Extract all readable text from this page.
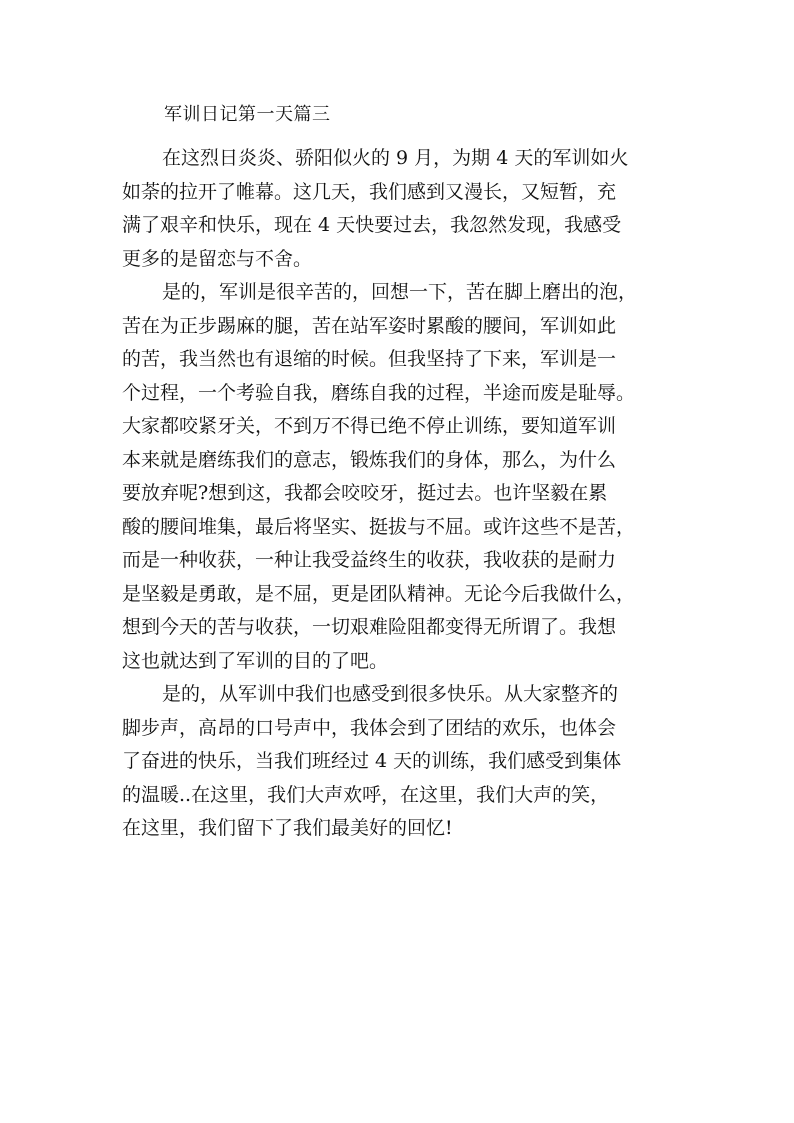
军训日记第一天篇三
在这烈日炎炎、骄阳似火的 9 月，为期 4 天的军训如火
如荼的拉开了帷幕。这几天，我们感到又漫长，又短暂，充
满了艰辛和快乐，现在 4 天快要过去，我忽然发现，我感受
更多的是留恋与不舍。
是的，军训是很辛苦的，回想一下，苦在脚上磨出的泡，
苦在为正步踢麻的腿，苦在站军姿时累酸的腰间，军训如此
的苦，我当然也有退缩的时候。但我坚持了下来，军训是一
个过程，一个考验自我，磨练自我的过程，半途而废是耻辱。
大家都咬紧牙关，不到万不得已绝不停止训练，要知道军训
本来就是磨练我们的意志，锻炼我们的身体，那么，为什么
要放弃呢?想到这，我都会咬咬牙，挺过去。也许坚毅在累
酸的腰间堆集，最后将坚实、挺拔与不屈。或许这些不是苦，
而是一种收获，一种让我受益终生的收获，我收获的是耐力
是坚毅是勇敢，是不屈，更是团队精神。无论今后我做什么，
想到今天的苦与收获，一切艰难险阻都变得无所谓了。我想
这也就达到了军训的目的了吧。
是的，从军训中我们也感受到很多快乐。从大家整齐的
脚步声，高昂的口号声中，我体会到了团结的欢乐，也体会
了奋进的快乐，当我们班经过 4 天的训练，我们感受到集体
的温暖..在这里，我们大声欢呼，在这里，我们大声的笑，
在这里，我们留下了我们最美好的回忆!
